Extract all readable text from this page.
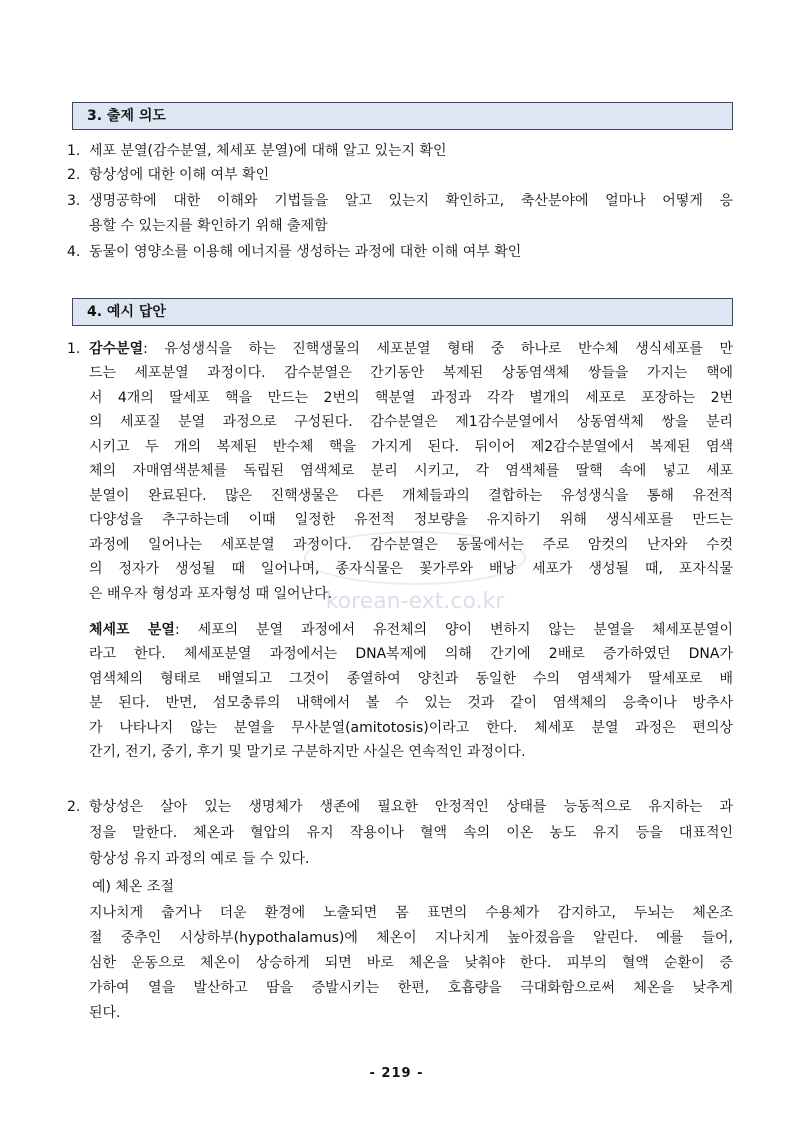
3. 출제 의도
1. 세포 분열(감수분열, 체세포 분열)에 대해 알고 있는지 확인
2. 항상성에 대한 이해 여부 확인
3. 생명공학에 대한 이해와 기법들을 알고 있는지 확인하고, 축산분야에 얼마나 어떻게 응
용할 수 있는지를 확인하기 위해 출제함
4. 동물이 영양소를 이용해 에너지를 생성하는 과정에 대한 이해 여부 확인
4. 예시 답안
1. 감수분열: 유성생식을 하는 진핵생물의 세포분열 형태 중 하나로 반수체 생식세포를 만
드는 세포분열 과정이다. 감수분열은 간기동안 복제된 상동염색체 쌍들을 가지는 핵에
서 4개의 딸세포 핵을 만드는 2번의 핵분열 과정과 각각 별개의 세포로 포장하는 2번
의 세포질 분열 과정으로 구성된다. 감수분열은 제1감수분열에서 상동염색체 쌍을 분리
시키고 두 개의 복제된 반수체 핵을 가지게 된다. 뒤이어 제2감수분열에서 복제된 염색
체의 자매염색분체를 독립된 염색체로 분리 시키고, 각 염색체를 딸핵 속에 넣고 세포
분열이 완료된다. 많은 진핵생물은 다른 개체들과의 결합하는 유성생식을 통해 유전적
다양성을 추구하는데 이때 일정한 유전적 정보량을 유지하기 위해 생식세포를 만드는
과정에 일어나는 세포분열 과정이다. 감수분열은 동물에서는 주로 암컷의 난자와 수컷
의 정자가 생성될 때 일어나며, 종자식물은 꽃가루와 배낭 세포가 생성될 때, 포자식물
은 배우자 형성과 포자형성 때 일어난다.
체세포 분열: 세포의 분열 과정에서 유전체의 양이 변하지 않는 분열을 체세포분열이
라고 한다. 체세포분열 과정에서는 DNA복제에 의해 간기에 2배로 증가하였던 DNA가
염색체의 형태로 배열되고 그것이 종열하여 양친과 동일한 수의 염색체가 딸세포로 배
분 된다. 반면, 섬모충류의 내핵에서 볼 수 있는 것과 같이 염색체의 응축이나 방추사
가 나타나지 않는 분열을 무사분열(amitotosis)이라고 한다. 체세포 분열 과정은 편의상
간기, 전기, 중기, 후기 및 말기로 구분하지만 사실은 연속적인 과정이다.
2. 항상성은 살아 있는 생명체가 생존에 필요한 안정적인 상태를 능동적으로 유지하는 과
정을 말한다. 체온과 혈압의 유지 작용이나 혈액 속의 이온 농도 유지 등을 대표적인
항상성 유지 과정의 예로 들 수 있다.
예) 체온 조절
지나치게 춥거나 더운 환경에 노출되면 몸 표면의 수용체가 감지하고, 두뇌는 체온조
절 중추인 시상하부(hypothalamus)에 체온이 지나치게 높아졌음을 알린다. 예를 들어,
심한 운동으로 체온이 상승하게 되면 바로 체온을 낮춰야 한다. 피부의 혈액 순환이 증
가하여 열을 발산하고 땀을 증발시키는 한편, 호흡량을 극대화함으로써 체온을 낮추게
된다.
korean-ext.co.kr
- 219 -
